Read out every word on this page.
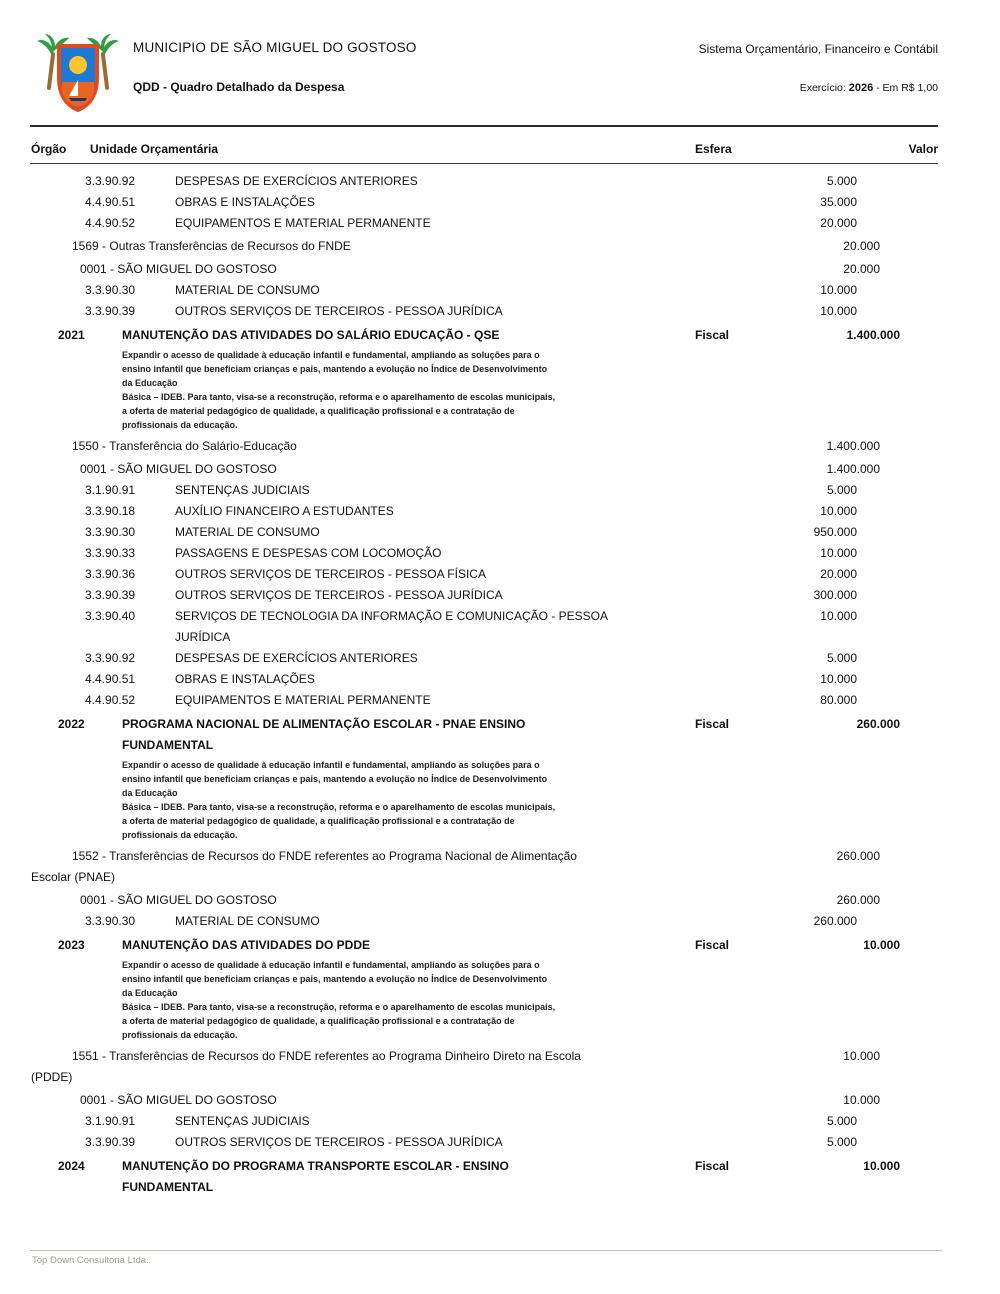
MUNICIPIO DE SÃO MIGUEL DO GOSTOSO	Sistema Orçamentário, Financeiro e Contábil
QDD - Quadro Detalhado da Despesa	Exercício: 2026 - Em R$ 1,00
Órgão Unidade Orçamentária	Esfera	Valor
3.3.90.92	DESPESAS DE EXERCÍCIOS ANTERIORES	5.000
4.4.90.51	OBRAS E INSTALAÇÕES	35.000
4.4.90.52	EQUIPAMENTOS E MATERIAL PERMANENTE	20.000
1569 - Outras Transferências de Recursos do FNDE	20.000
0001 - SÃO MIGUEL DO GOSTOSO	20.000
3.3.90.30	MATERIAL DE CONSUMO	10.000
3.3.90.39	OUTROS SERVIÇOS DE TERCEIROS - PESSOA JURÍDICA	10.000
2021	MANUTENÇÃO DAS ATIVIDADES DO SALÁRIO EDUCAÇÃO - QSE	Fiscal	1.400.000
Expandir o acesso de qualidade à educação infantil e fundamental, ampliando as soluções para o
ensino infantil que beneficiam crianças e pais, mantendo a evolução no Índice de Desenvolvimento
da Educação
Básica – IDEB. Para tanto, visa-se a reconstrução, reforma e o aparelhamento de escolas municipais,
a oferta de material pedagógico de qualidade, a qualificação profissional e a contratação de
profissionais da educação.
1550 - Transferência do Salário-Educação	1.400.000
0001 - SÃO MIGUEL DO GOSTOSO	1.400.000
3.1.90.91	SENTENÇAS JUDICIAIS	5.000
3.3.90.18	AUXÍLIO FINANCEIRO A ESTUDANTES	10.000
3.3.90.30	MATERIAL DE CONSUMO	950.000
3.3.90.33	PASSAGENS E DESPESAS COM LOCOMOÇÃO	10.000
3.3.90.36	OUTROS SERVIÇOS DE TERCEIROS - PESSOA FÍSICA	20.000
3.3.90.39	OUTROS SERVIÇOS DE TERCEIROS - PESSOA JURÍDICA	300.000
3.3.90.40	SERVIÇOS DE TECNOLOGIA DA INFORMAÇÃO E COMUNICAÇÃO - PESSOA
JURÍDICA
10.000
3.3.90.92	DESPESAS DE EXERCÍCIOS ANTERIORES	5.000
4.4.90.51	OBRAS E INSTALAÇÕES	10.000
4.4.90.52	EQUIPAMENTOS E MATERIAL PERMANENTE	80.000
2022	PROGRAMA NACIONAL DE ALIMENTAÇÃO ESCOLAR - PNAE ENSINO
FUNDAMENTAL
Fiscal	260.000
Expandir o acesso de qualidade à educação infantil e fundamental, ampliando as soluções para o
ensino infantil que beneficiam crianças e pais, mantendo a evolução no Índice de Desenvolvimento
da Educação
Básica – IDEB. Para tanto, visa-se a reconstrução, reforma e o aparelhamento de escolas municipais,
a oferta de material pedagógico de qualidade, a qualificação profissional e a contratação de
profissionais da educação.
1552 - Transferências de Recursos do FNDE referentes ao Programa Nacional de Alimentação
Escolar (PNAE)
260.000
0001 - SÃO MIGUEL DO GOSTOSO	260.000
3.3.90.30	MATERIAL DE CONSUMO	260.000
2023	MANUTENÇÃO DAS ATIVIDADES DO PDDE	Fiscal	10.000
Expandir o acesso de qualidade à educação infantil e fundamental, ampliando as soluções para o
ensino infantil que beneficiam crianças e pais, mantendo a evolução no Índice de Desenvolvimento
da Educação
Básica – IDEB. Para tanto, visa-se a reconstrução, reforma e o aparelhamento de escolas municipais,
a oferta de material pedagógico de qualidade, a qualificação profissional e a contratação de
profissionais da educação.
1551 - Transferências de Recursos do FNDE referentes ao Programa Dinheiro Direto na Escola
(PDDE)
10.000
0001 - SÃO MIGUEL DO GOSTOSO	10.000
3.1.90.91	SENTENÇAS JUDICIAIS	5.000
3.3.90.39	OUTROS SERVIÇOS DE TERCEIROS - PESSOA JURÍDICA	5.000
2024	MANUTENÇÃO DO PROGRAMA TRANSPORTE ESCOLAR - ENSINO
FUNDAMENTAL
Fiscal	10.000
Top Down Consultoria Ltda.
